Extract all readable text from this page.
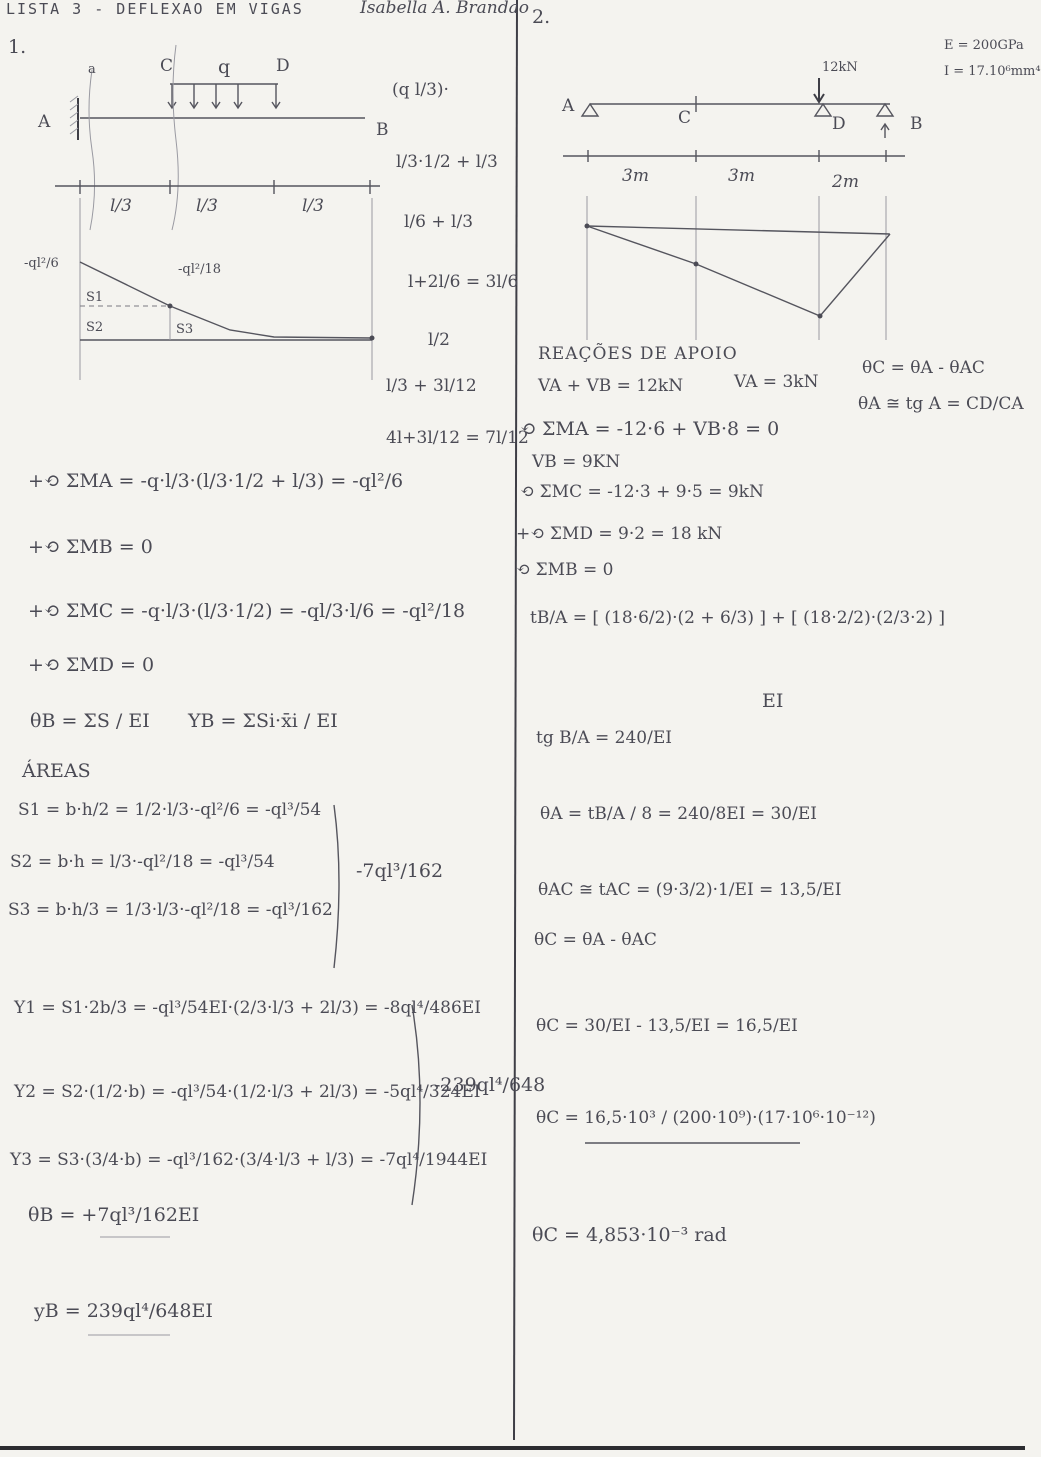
LISTA 3 - DEFLEXAO EM VIGAS	Isabella A. Brandao
1.
2.
A	B
C	D
q
a
l/3	l/3	l/3
-ql²/6	-ql²/18
S1
S2	S3
(q l/3)·
l/3·1/2 + l/3
l/6 + l/3
l+2l/6 = 3l/6
l/2
l/3 + 3l/12
4l+3l/12 = 7l/12
+⟲ ΣMA = -q·l/3·(l/3·1/2 + l/3) = -ql²/6
+⟲ ΣMB = 0
+⟲ ΣMC = -q·l/3·(l/3·1/2) = -ql/3·l/6 = -ql²/18
+⟲ ΣMD = 0
θB = ΣS / EI YB = ΣSi·x̄i / EI
ÁREAS
S1 = b·h/2 = 1/2·l/3·-ql²/6 = -ql³/54
S2 = b·h = l/3·-ql²/18 = -ql³/54
S3 = b·h/3 = 1/3·l/3·-ql²/18 = -ql³/162
-7ql³/162
Y1 = S1·2b/3 = -ql³/54EI·(2/3·l/3 + 2l/3) = -8ql⁴/486EI
Y2 = S2·(1/2·b) = -ql³/54·(1/2·l/3 + 2l/3) = -5ql⁴/324EI
Y3 = S3·(3/4·b) = -ql³/162·(3/4·l/3 + l/3) = -7ql⁴/1944EI
-239ql⁴/648
θB = +7ql³/162EI
yB = 239ql⁴/648EI
E = 200GPa
I = 17.10⁶mm⁴
12kN
A
B
C	D
3m	3m	2m
REAÇÕES DE APOIO
VA + VB = 12kN	VA = 3kN
θC = θA - θAC
θA ≅ tg A = CD/CA
⟲ ΣMA = -12·6 + VB·8 = 0
VB = 9KN
⟲ ΣMC = -12·3 + 9·5 = 9kN
+⟲ ΣMD = 9·2 = 18 kN
⟲ ΣMB = 0
tB/A = [ (18·6/2)·(2 + 6/3) ] + [ (18·2/2)·(2/3·2) ]
EI
tg B/A = 240/EI
θA = tB/A / 8 = 240/8EI = 30/EI
θAC ≅ tAC = (9·3/2)·1/EI = 13,5/EI
θC = θA - θAC
θC = 30/EI - 13,5/EI = 16,5/EI
θC = 16,5·10³ / (200·10⁹)·(17·10⁶·10⁻¹²)
θC = 4,853·10⁻³ rad
